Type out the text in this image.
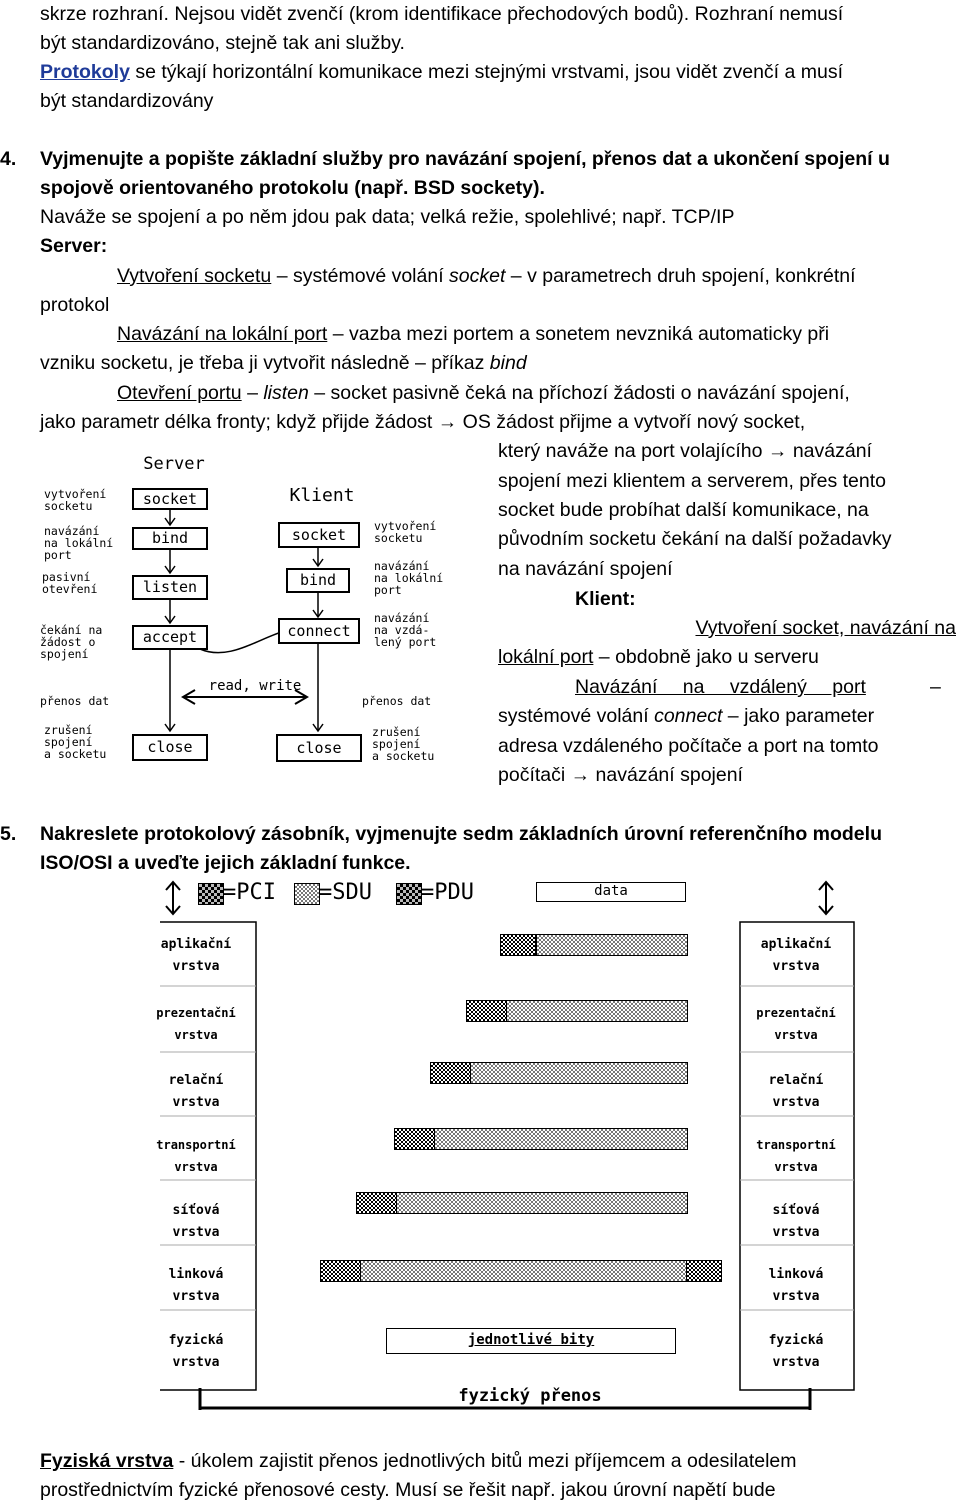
skrze rozhraní. Nejsou vidět zvenčí (krom identifikace přechodových bodů). Rozhraní nemusí
být standardizováno, stejně tak ani služby.
Protokoly se týkají horizontální komunikace mezi stejnými vrstvami, jsou vidět zvenčí a musí
být standardizovány
4.	Vyjmenujte a popište základní služby pro navázání spojení, přenos dat a ukončení spojení u
spojově orientovaného protokolu (např. BSD sockety).
Naváže se spojení a po něm jdou pak data; velká režie, spolehlivé; např. TCP/IP
Server:
Vytvoření socketu – systémové volání socket – v parametrech druh spojení, konkrétní
protokol
Navázání na lokální port – vazba mezi portem a sonetem nevzniká automaticky při
vzniku socketu, je třeba ji vytvořit následně – příkaz bind
Otevření portu – listen – socket pasivně čeká na příchozí žádosti o navázání spojení,
jako parametr délka fronty; když přijde žádost → OS žádost přijme a vytvoří nový socket,
který naváže na port volajícího → navázání
spojení mezi klientem a serverem, přes tento
socket bude probíhat další komunikace, na
původním socketu čekání na další požadavky
na navázání spojení
Klient:
Vytvoření socket, navázání na
lokální port – obdobně jako u serveru
Navázání na vzdálený port	–
systémové volání connect – jako parameter
adresa vzdáleného počítače a port na tomto
počítači → navázání spojení
Server
Klient
socket
bind
listen
accept
close
socket
bind
connect
close
read, write
vytvoření
socketu
navázání
na lokální
port
pasivní
otevření
čekání na
žádost o
spojení
přenos dat
zrušení
spojení
a socketu
vytvoření
socketu
navázání
na lokální
port
navázání
na vzdá-
lený port
přenos dat
zrušení
spojení
a socketu
5.	Nakreslete protokolový zásobník, vyjmenujte sedm základních úrovní referenčního modelu
ISO/OSI a uveďte jejich základní funkce.
=PCI =SDU =PDU	data
jednotlivé bity
fyzický přenos
aplikační
vrstva
prezentační
vrstva
relační
vrstva
transportní
vrstva
síťová
vrstva
linková
vrstva
fyzická
vrstva
aplikační
vrstva
prezentační
vrstva
relační
vrstva
transportní
vrstva
síťová
vrstva
linková
vrstva
fyzická
vrstva
Fyziská vrstva - úkolem zajistit přenos jednotlivých bitů mezi příjemcem a odesilatelem
prostřednictvím fyzické přenosové cesty. Musí se řešit např. jakou úrovní napětí bude
